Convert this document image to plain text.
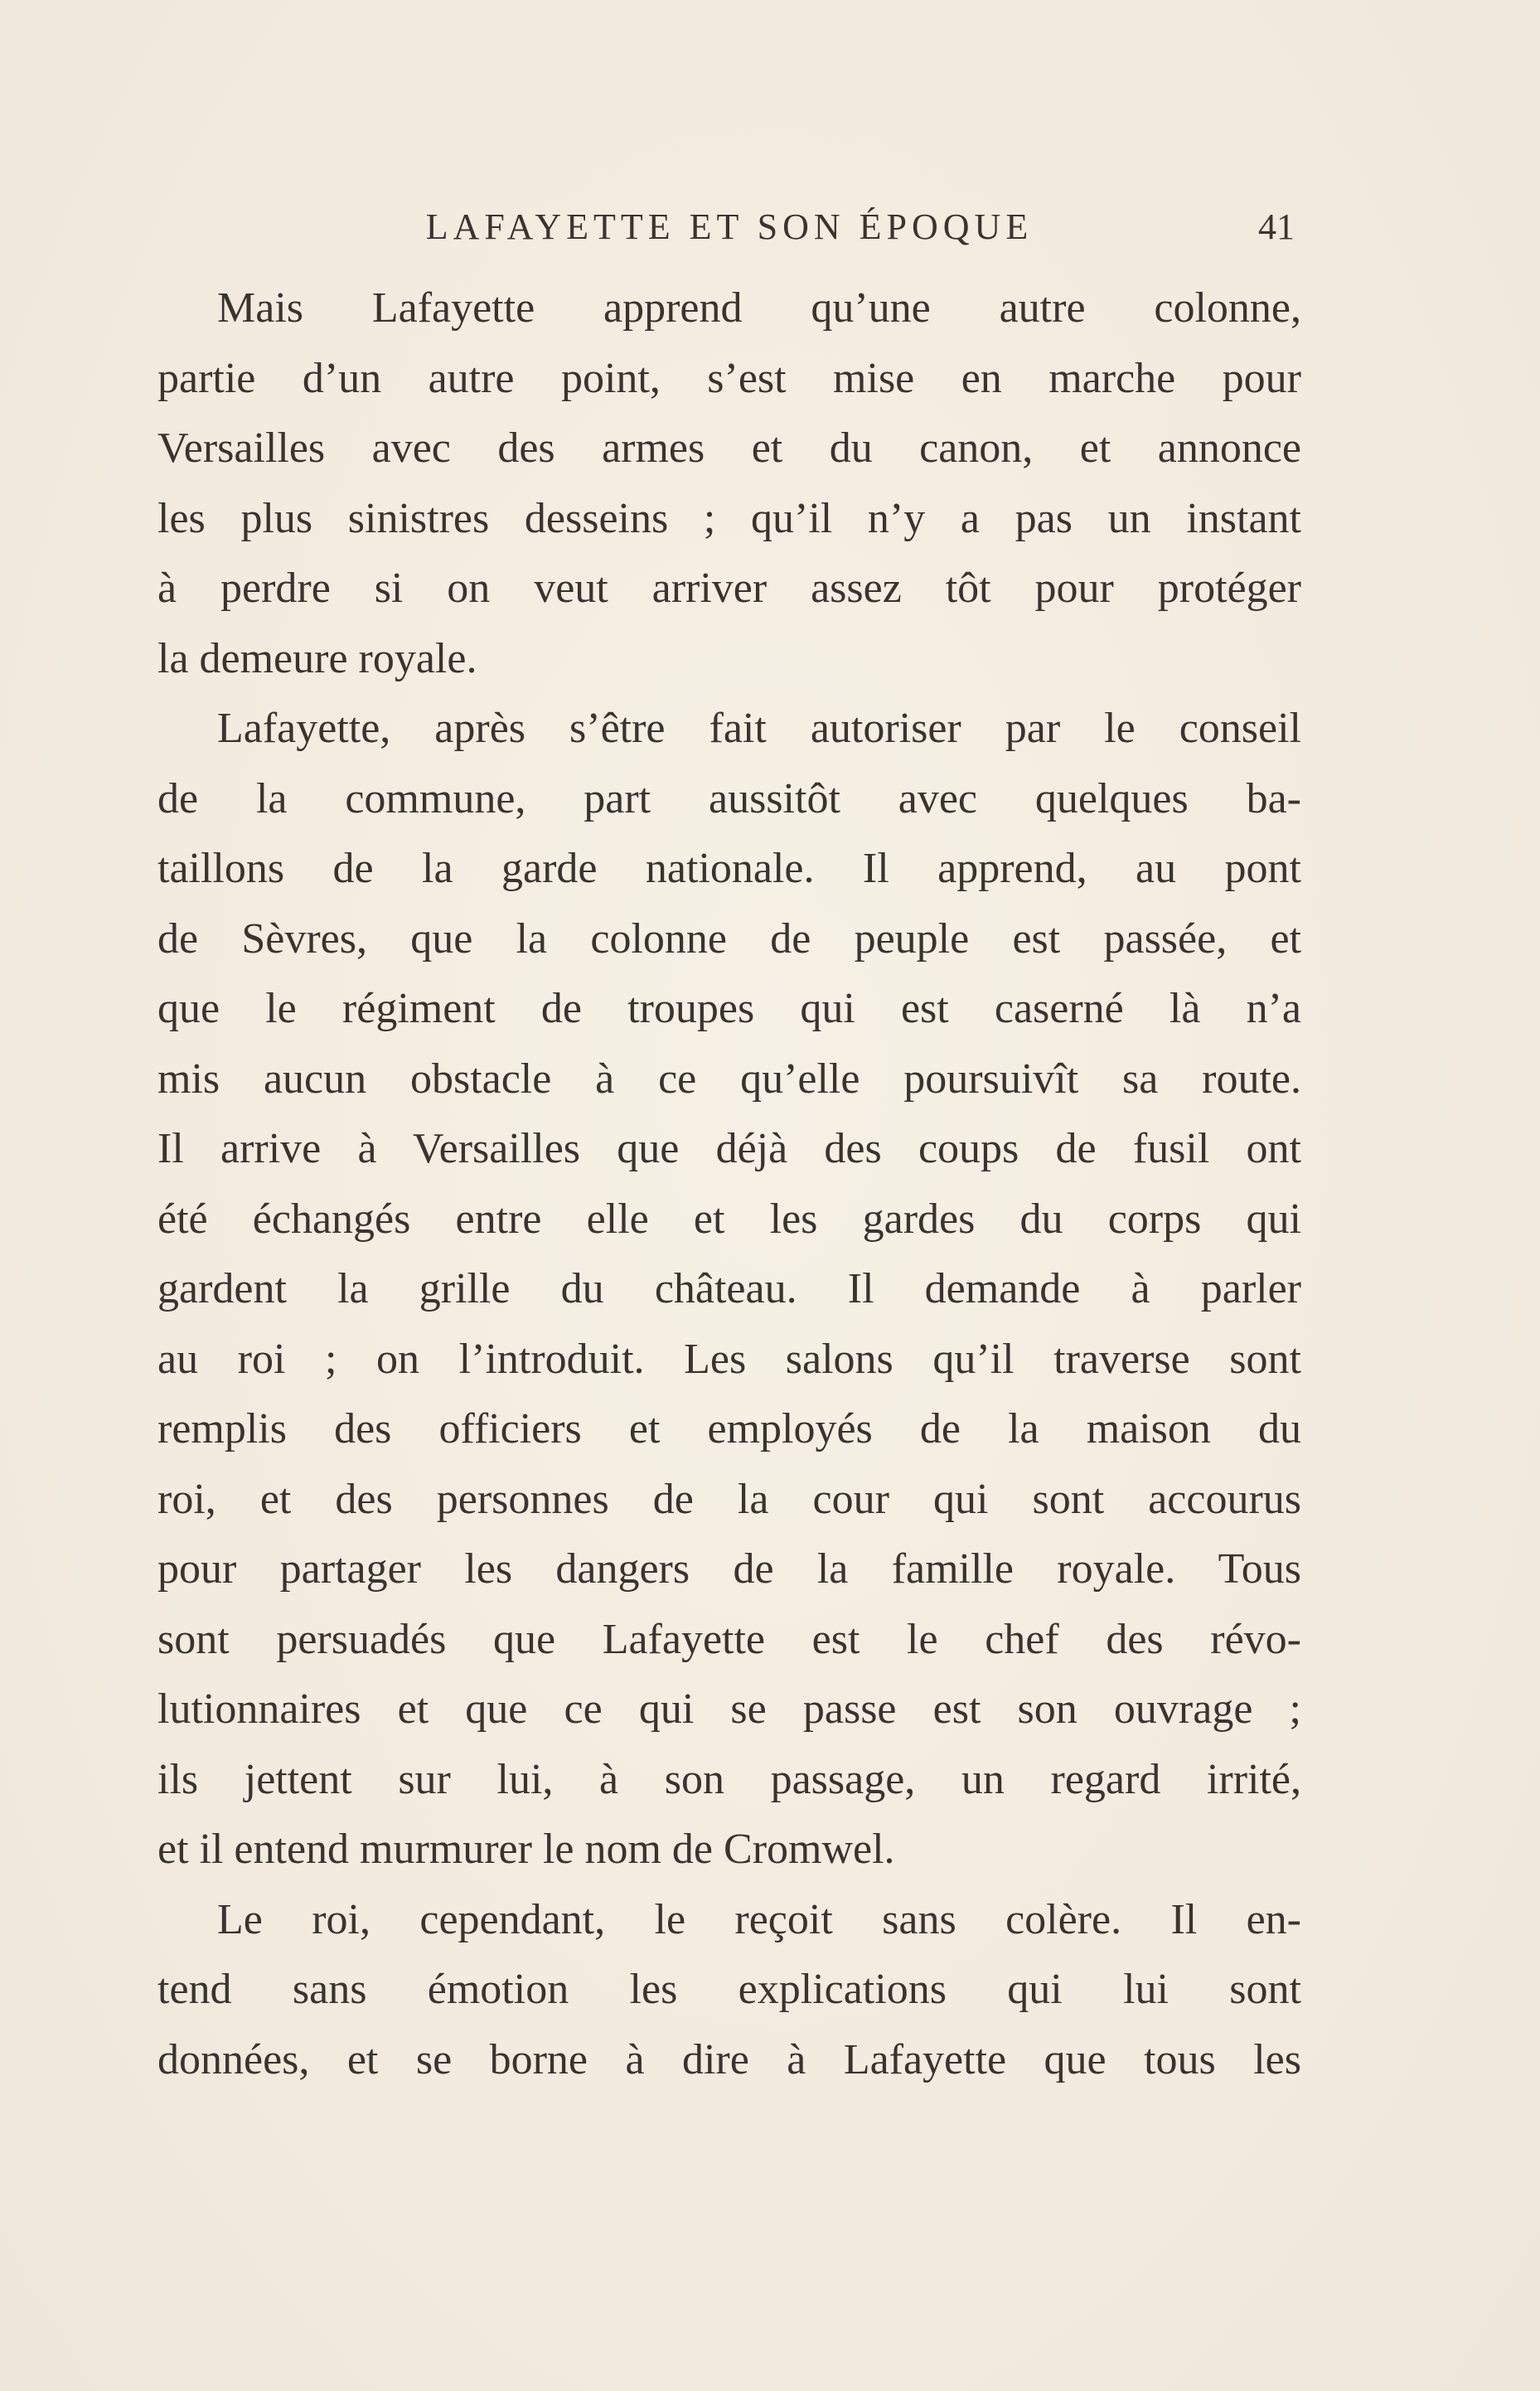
LAFAYETTE ET SON ÉPOQUE	41
Mais Lafayette apprend qu’une autre colonne,
partie d’un autre point, s’est mise en marche pour
Versailles avec des armes et du canon, et annonce
les plus sinistres desseins ; qu’il n’y a pas un instant
à perdre si on veut arriver assez tôt pour protéger
la demeure royale.
Lafayette, après s’être fait autoriser par le conseil
de la commune, part aussitôt avec quelques ba-
taillons de la garde nationale. Il apprend, au pont
de Sèvres, que la colonne de peuple est passée, et
que le régiment de troupes qui est caserné là n’a
mis aucun obstacle à ce qu’elle poursuivît sa route.
Il arrive à Versailles que déjà des coups de fusil ont
été échangés entre elle et les gardes du corps qui
gardent la grille du château. Il demande à parler
au roi ; on l’introduit. Les salons qu’il traverse sont
remplis des officiers et employés de la maison du
roi, et des personnes de la cour qui sont accourus
pour partager les dangers de la famille royale. Tous
sont persuadés que Lafayette est le chef des révo-
lutionnaires et que ce qui se passe est son ouvrage ;
ils jettent sur lui, à son passage, un regard irrité,
et il entend murmurer le nom de Cromwel.
Le roi, cependant, le reçoit sans colère. Il en-
tend sans émotion les explications qui lui sont
données, et se borne à dire à Lafayette que tous les
